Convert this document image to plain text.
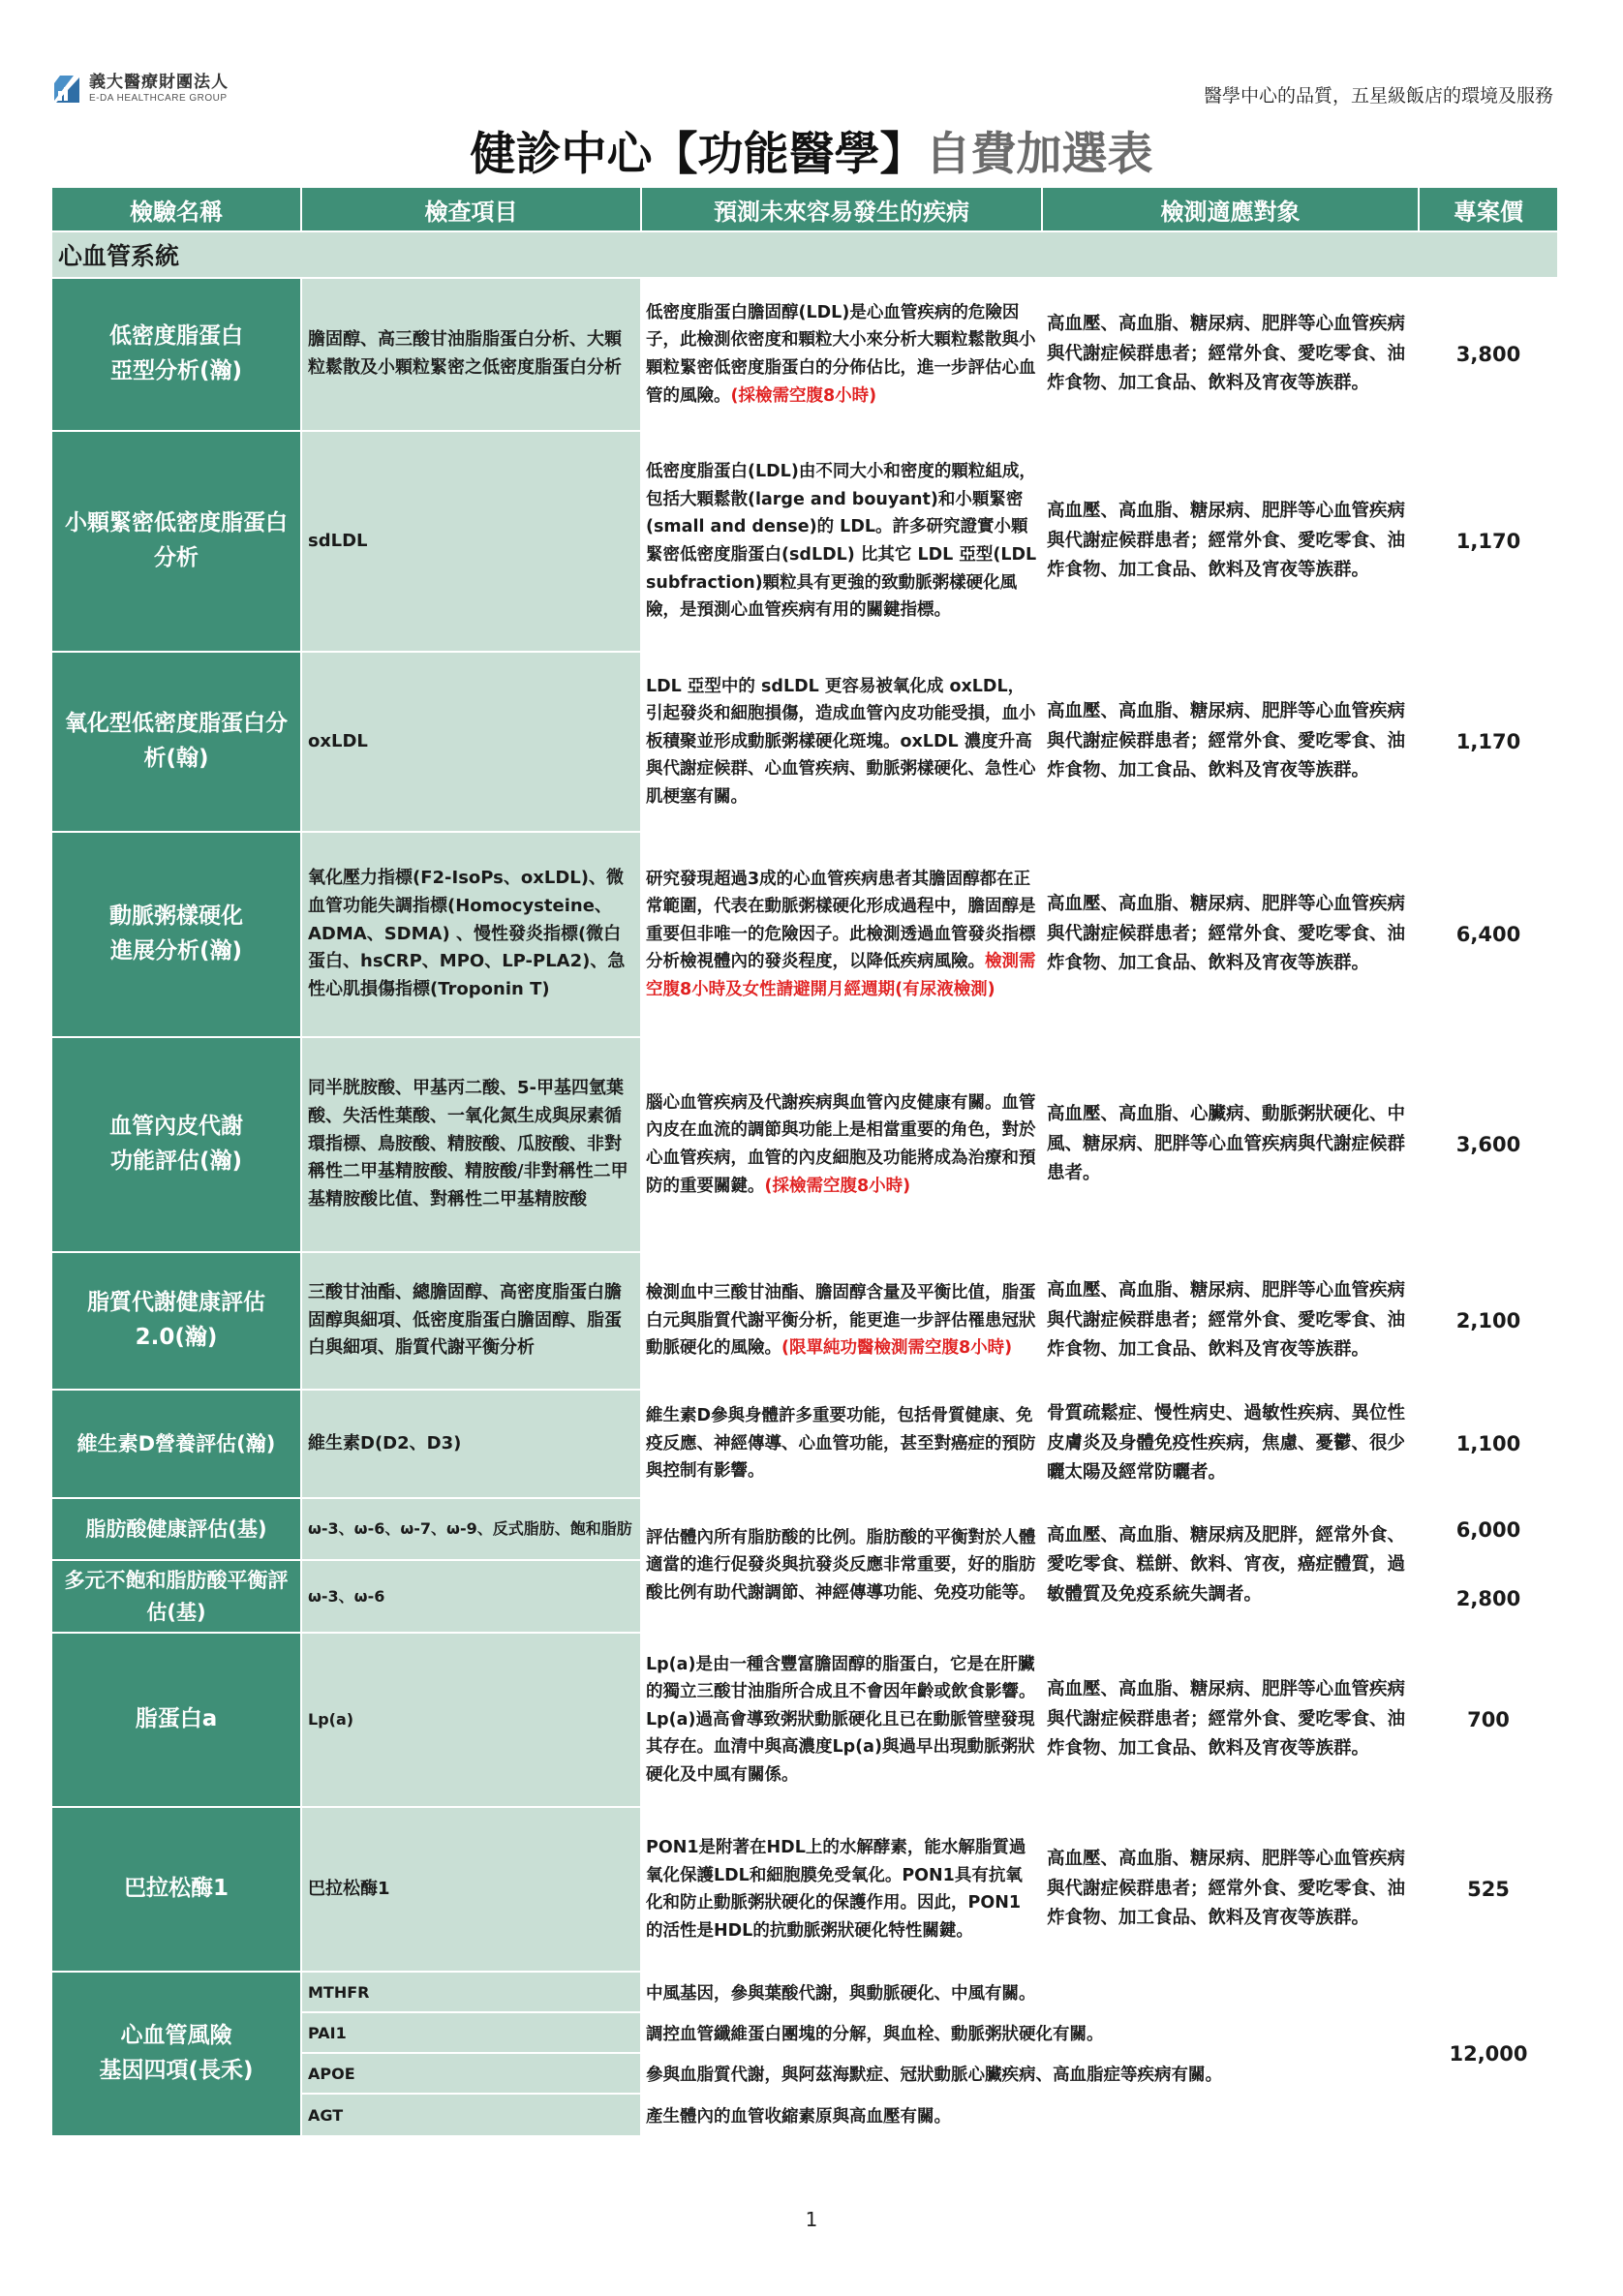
義大醫療財團法人
E-DA HEALTHCARE GROUP	醫學中心的品質，五星級飯店的環境及服務
健診中心【功能醫學】自費加選表
檢驗名稱	檢查項目	預測未來容易發生的疾病	檢測適應對象	專案價
心血管系統				
低密度脂蛋白
亞型分析(瀚)	膽固醇、高三酸甘油脂脂蛋白分析、大顆粒鬆散及小顆粒緊密之低密度脂蛋白分析	低密度脂蛋白膽固醇(LDL)是心血管疾病的危險因子，此檢測依密度和顆粒大小來分析大顆粒鬆散與小顆粒緊密低密度脂蛋白的分佈佔比，進一步評估心血管的風險。(採檢需空腹8小時)	高血壓、高血脂、糖尿病、肥胖等心血管疾病與代謝症候群患者；經常外食、愛吃零食、油炸食物、加工食品、飲料及宵夜等族群。	3,800
小顆緊密低密度脂蛋白
分析	sdLDL	低密度脂蛋白(LDL)由不同大小和密度的顆粒組成，包括大顆鬆散(large and bouyant)和小顆緊密(small and dense)的 LDL。許多研究證實小顆緊密低密度脂蛋白(sdLDL) 比其它 LDL 亞型(LDL subfraction)顆粒具有更強的致動脈粥樣硬化風險，是預測心血管疾病有用的關鍵指標。	高血壓、高血脂、糖尿病、肥胖等心血管疾病與代謝症候群患者；經常外食、愛吃零食、油炸食物、加工食品、飲料及宵夜等族群。	1,170
氧化型低密度脂蛋白分
析(翰)	oxLDL	LDL 亞型中的 sdLDL 更容易被氧化成 oxLDL，引起發炎和細胞損傷，造成血管內皮功能受損，血小板積聚並形成動脈粥樣硬化斑塊。oxLDL 濃度升高與代謝症候群、心血管疾病、動脈粥樣硬化、急性心肌梗塞有關。	高血壓、高血脂、糖尿病、肥胖等心血管疾病與代謝症候群患者；經常外食、愛吃零食、油炸食物、加工食品、飲料及宵夜等族群。	1,170
動脈粥樣硬化
進展分析(瀚)	氧化壓力指標(F2-IsoPs、oxLDL)、微血管功能失調指標(Homocysteine、ADMA、SDMA) 、慢性發炎指標(微白蛋白、hsCRP、MPO、LP-PLA2)、急性心肌損傷指標(Troponin T)	研究發現超過3成的心血管疾病患者其膽固醇都在正常範圍，代表在動脈粥樣硬化形成過程中，膽固醇是重要但非唯一的危險因子。此檢測透過血管發炎指標分析檢視體內的發炎程度，以降低疾病風險。檢測需空腹8小時及女性請避開月經週期(有尿液檢測)	高血壓、高血脂、糖尿病、肥胖等心血管疾病與代謝症候群患者；經常外食、愛吃零食、油炸食物、加工食品、飲料及宵夜等族群。	6,400
血管內皮代謝
功能評估(瀚)	同半胱胺酸、甲基丙二酸、5-甲基四氫葉酸、失活性葉酸、一氧化氮生成與尿素循環指標、鳥胺酸、精胺酸、瓜胺酸、非對稱性二甲基精胺酸、精胺酸/非對稱性二甲基精胺酸比值、對稱性二甲基精胺酸	腦心血管疾病及代謝疾病與血管內皮健康有關。血管內皮在血流的調節與功能上是相當重要的角色，對於心血管疾病，血管的內皮細胞及功能將成為治療和預防的重要關鍵。(採檢需空腹8小時)	高血壓、高血脂、心臟病、動脈粥狀硬化、中風、糖尿病、肥胖等心血管疾病與代謝症候群患者。	3,600
脂質代謝健康評估
2.0(瀚)	三酸甘油酯、總膽固醇、高密度脂蛋白膽固醇與細項、低密度脂蛋白膽固醇、脂蛋白與細項、脂質代謝平衡分析	檢測血中三酸甘油酯、膽固醇含量及平衡比值，脂蛋白元與脂質代謝平衡分析，能更進一步評估罹患冠狀動脈硬化的風險。(限單純功醫檢測需空腹8小時)	高血壓、高血脂、糖尿病、肥胖等心血管疾病與代謝症候群患者；經常外食、愛吃零食、油炸食物、加工食品、飲料及宵夜等族群。	2,100
維生素D營養評估(瀚)	維生素D(D2、D3)	維生素D參與身體許多重要功能，包括骨質健康、免疫反應、神經傳導、心血管功能，甚至對癌症的預防與控制有影響。	骨質疏鬆症、慢性病史、過敏性疾病、異位性皮膚炎及身體免疫性疾病，焦慮、憂鬱、很少曬太陽及經常防曬者。	1,100
脂肪酸健康評估(基)	ω-3、ω-6、ω-7、ω-9、反式脂肪、飽和脂肪	評估體內所有脂肪酸的比例。脂肪酸的平衡對於人體適當的進行促發炎與抗發炎反應非常重要，好的脂肪酸比例有助代謝調節、神經傳導功能、免疫功能等。	高血壓、高血脂、糖尿病及肥胖，經常外食、愛吃零食、糕餅、飲料、宵夜，癌症體質，過敏體質及免疫系統失調者。	6,000
多元不飽和脂肪酸平衡評估(基)	ω-3、ω-6			2,800
脂蛋白a	Lp(a)	Lp(a)是由一種含豐富膽固醇的脂蛋白，它是在肝臟的獨立三酸甘油脂所合成且不會因年齡或飲食影響。Lp(a)過高會導致粥狀動脈硬化且已在動脈管壁發現其存在。血清中與高濃度Lp(a)與過早出現動脈粥狀硬化及中風有關係。	高血壓、高血脂、糖尿病、肥胖等心血管疾病與代謝症候群患者；經常外食、愛吃零食、油炸食物、加工食品、飲料及宵夜等族群。	700
巴拉松酶1	巴拉松酶1	PON1是附著在HDL上的水解酵素，能水解脂質過氧化保護LDL和細胞膜免受氧化。PON1具有抗氧化和防止動脈粥狀硬化的保護作用。因此，PON1的活性是HDL的抗動脈粥狀硬化特性關鍵。	高血壓、高血脂、糖尿病、肥胖等心血管疾病與代謝症候群患者；經常外食、愛吃零食、油炸食物、加工食品、飲料及宵夜等族群。	525
心血管風險
基因四項(長禾)	MTHFR	中風基因，參與葉酸代謝，與動脈硬化、中風有關。		12,000
	PAI1	調控血管纖維蛋白團塊的分解，與血栓、動脈粥狀硬化有關。		
	APOE	參與血脂質代謝，與阿茲海默症、冠狀動脈心臟疾病、高血脂症等疾病有關。		
	AGT	產生體內的血管收縮素原與高血壓有關。		
1
